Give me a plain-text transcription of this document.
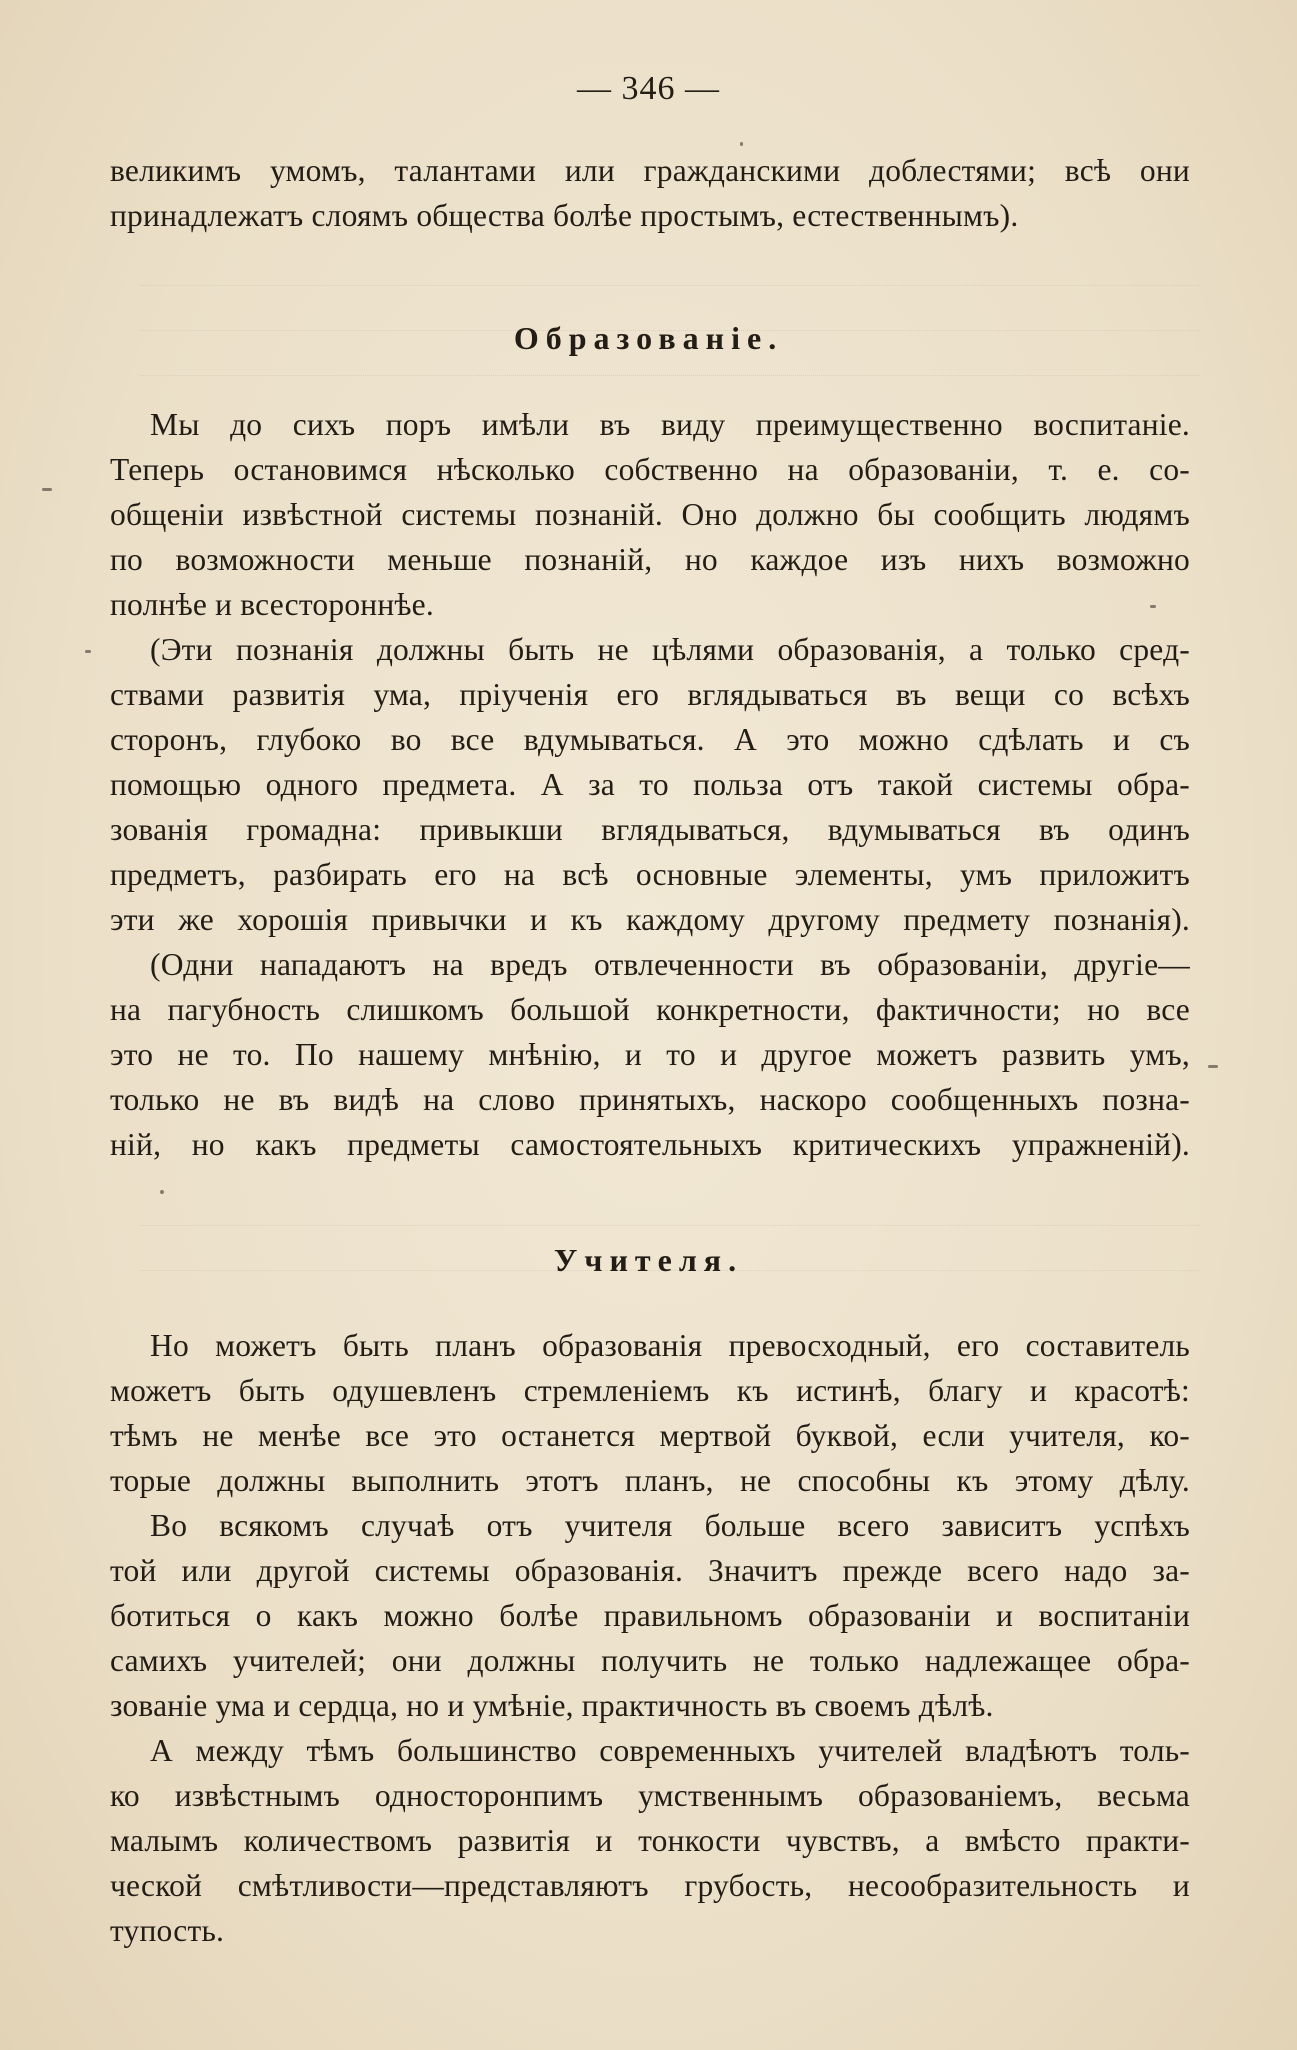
— 346 —
великимъ умомъ, талантами или гражданскими доблестями; всѣ они
принадлежатъ слоямъ общества болѣе простымъ, естественнымъ).
Образованіе.
Мы до сихъ поръ имѣли въ виду преимущественно воспитаніе.
Теперь остановимся нѣсколько собственно на образованіи, т. е. со-
общеніи извѣстной системы познаній. Оно должно бы сообщить людямъ
по возможности меньше познаній, но каждое изъ нихъ возможно
полнѣе и всестороннѣе.
(Эти познанія должны быть не цѣлями образованія, а только сред-
ствами развитія ума, пріученія его вглядываться въ вещи со всѣхъ
сторонъ, глубоко во все вдумываться. А это можно сдѣлать и съ
помощью одного предмета. А за то польза отъ такой системы обра-
зованія громадна: привыкши вглядываться, вдумываться въ одинъ
предметъ, разбирать его на всѣ основные элементы, умъ приложитъ
эти же хорошія привычки и къ каждому другому предмету познанія).
(Одни нападаютъ на вредъ отвлеченности въ образованіи, другіе—
на пагубность слишкомъ большой конкретности, фактичности; но все
это не то. По нашему мнѣнію, и то и другое можетъ развить умъ,
только не въ видѣ на слово принятыхъ, наскоро сообщенныхъ позна-
ній, но какъ предметы самостоятельныхъ критическихъ упражненій).
Учителя.
Но можетъ быть планъ образованія превосходный, его составитель
можетъ быть одушевленъ стремленіемъ къ истинѣ, благу и красотѣ:
тѣмъ не менѣе все это останется мертвой буквой, если учителя, ко-
торые должны выполнить этотъ планъ, не способны къ этому дѣлу.
Во всякомъ случаѣ отъ учителя больше всего зависитъ успѣхъ
той или другой системы образованія. Значитъ прежде всего надо за-
ботиться о какъ можно болѣе правильномъ образованіи и воспитаніи
самихъ учителей; они должны получить не только надлежащее обра-
зованіе ума и сердца, но и умѣніе, практичность въ своемъ дѣлѣ.
А между тѣмъ большинство современныхъ учителей владѣютъ толь-
ко извѣстнымъ односторонпимъ умственнымъ образованіемъ, весьма
малымъ количествомъ развитія и тонкости чувствъ, а вмѣсто практи-
ческой смѣтливости—представляютъ грубость, несообразительность и
тупость.
